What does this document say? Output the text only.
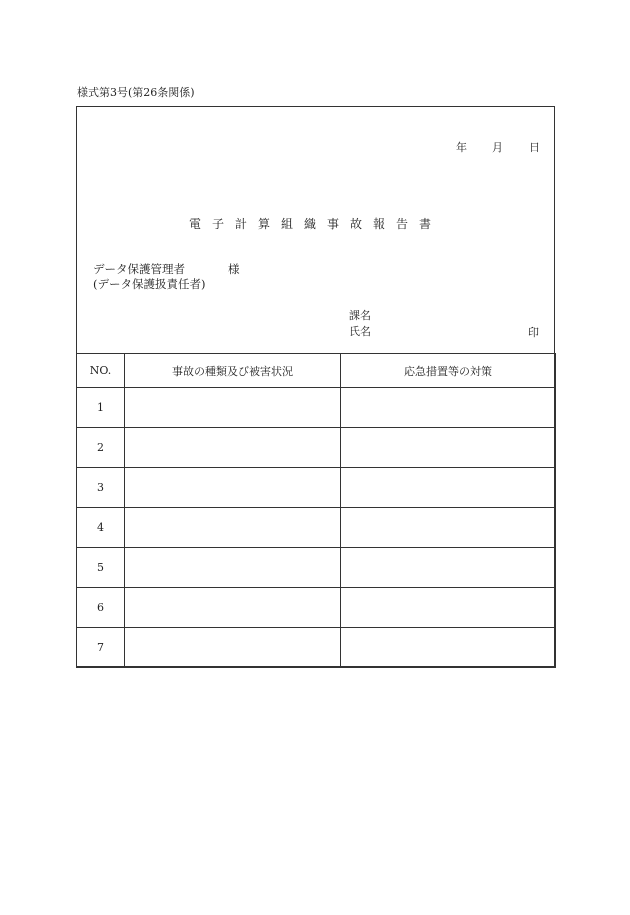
様式第3号(第26条関係)
年 月 日
電子計算組織事故報告書
データ保護管理者	様
(データ保護扱責任者)
課名
氏名	印
NO.	事故の種類及び被害状況	応急措置等の対策
1		
2		
3		
4		
5		
6		
7		
